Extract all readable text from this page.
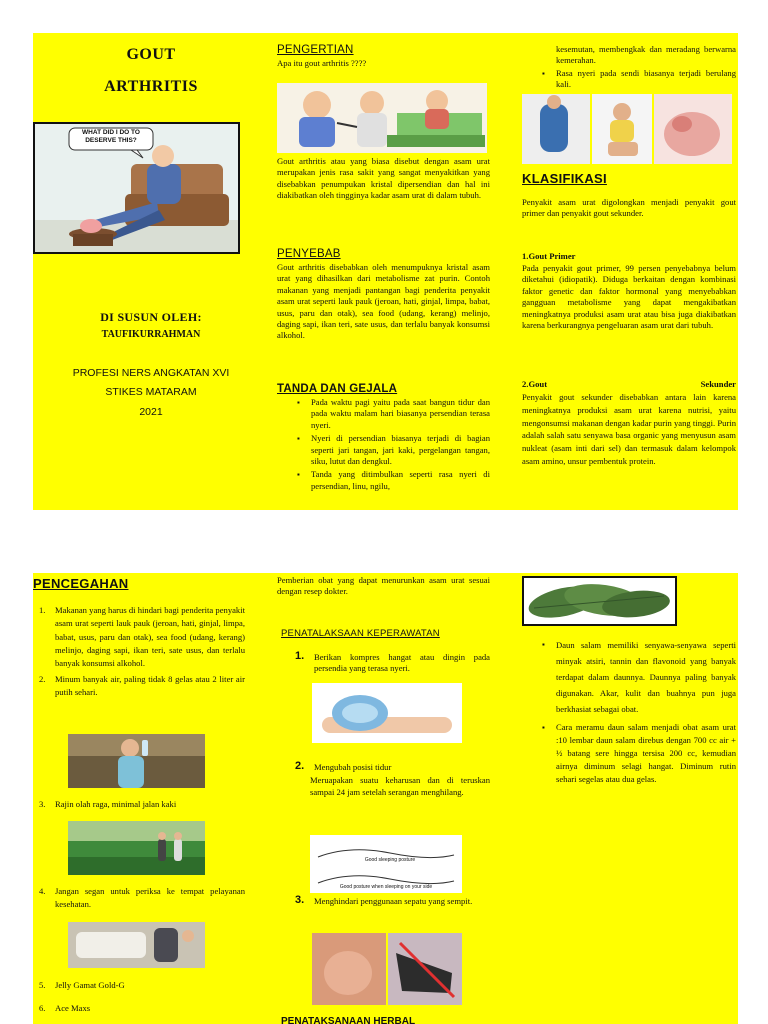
GOUT
ARTHRITIS
WHAT DID I DO TO DESERVE THIS?
DI SUSUN OLEH:
TAUFIKURRAHMAN
PROFESI NERS ANGKATAN XVI
STIKES MATARAM
2021
PENGERTIAN
Apa itu gout arthritis ????
Gout arthritis atau yang biasa disebut dengan asam urat merupakan jenis rasa sakit yang sangat menyakitkan yang disebabkan penumpukan kristal dipersendian dan hal ini diakibatkan oleh tingginya kadar asam urat di dalam tubuh.
PENYEBAB
Gout arthritis disebabkan oleh menumpuknya kristal asam urat yang dihasilkan dari metabolisme zat purin. Contoh makanan yang menjadi pantangan bagi penderita penyakit asam urat seperti lauk pauk (jeroan, hati, ginjal, limpa, babat, usus, paru dan otak), sea food (udang, kerang) melinjo, daging sapi, ikan teri, sate usus, dan terlalu banyak konsumsi alkohol.
TANDA DAN GEJALA
▪ Pada waktu pagi yaitu pada saat bangun tidur dan pada waktu malam hari biasanya persendian terasa nyeri.
▪ Nyeri di persendian biasanya terjadi di bagian seperti jari tangan, jari kaki, pergelangan tangan, siku, lutut dan dengkul.
▪ Tanda yang ditimbulkan seperti rasa nyeri di persendian, linu, ngilu,
kesemutan, membengkak dan meradang berwarna kemerahan.
▪ Rasa nyeri pada sendi biasanya terjadi berulang kali.
KLASIFIKASI
Penyakit asam urat digolongkan menjadi penyakit gout primer dan penyakit gout sekunder.
1.Gout Primer
Pada penyakit gout primer, 99 persen penyebabnya belum diketahui (idiopatik). Diduga berkaitan dengan kombinasi faktor genetic dan faktor hormonal yang menyebabkan gangguan metabolisme yang dapat mengakibatkan meningkatnya produksi asam urat atau bisa juga diakibatkan karena berkurangnya pengeluaran asam urat dari tubuh.
2.Gout	Sekunder
Penyakit gout sekunder disebabkan antara lain karena meningkatnya produksi asam urat karena nutrisi, yaitu mengonsumsi makanan dengan kadar purin yang tinggi. Purin adalah salah satu senyawa basa organic yang menyusun asam nukleat (asam inti dari sel) dan termasuk dalam kelompok asam amino, unsur pembentuk protein.
PENCEGAHAN
1. Makanan yang harus di hindari bagi penderita penyakit asam urat seperti lauk pauk (jeroan, hati, ginjal, limpa, babat, usus, paru dan otak), sea food (udang, kerang) melinjo, daging sapi, ikan teri, sate usus, dan terlalu banyak konsumsi alkohol.
2. Minum banyak air, paling tidak 8 gelas atau 2 liter air putih sehari.
3. Rajin olah raga, minimal jalan kaki
4. Jangan segan untuk periksa ke tempat pelayanan kesehatan.
5. Jelly Gamat Gold-G
6. Ace Maxs
Pemberian obat yang dapat menurunkan asam urat sesuai dengan resep dokter.
PENATALAKSAAN KEPERAWATAN
1. Berikan kompres hangat atau dingin pada persendia yang terasa nyeri.
2. Mengubah posisi tidur
Meruapakan suatu keharusan dan di teruskan sampai 24 jam setelah serangan menghilang.
Good sleeping posture
Good posture when sleeping on your side
3. Menghindari penggunaan sepatu yang sempit.
PENATAKSANAAN HERBAL
▪ Daun salam memiliki senyawa-senyawa seperti minyak atsiri, tannin dan flavonoid yang banyak terdapat dalam daunnya. Daunnya paling banyak digunakan. Akar, kulit dan buahnya pun juga berkhasiat sebagai obat.
▪ Cara meramu daun salam menjadi obat asam urat :10 lembar daun salam direbus dengan 700 cc air + ½ batang sere hingga tersisa 200 cc, kemudian airnya diminum selagi hangat. Diminum rutin sehari segelas atau dua gelas.
